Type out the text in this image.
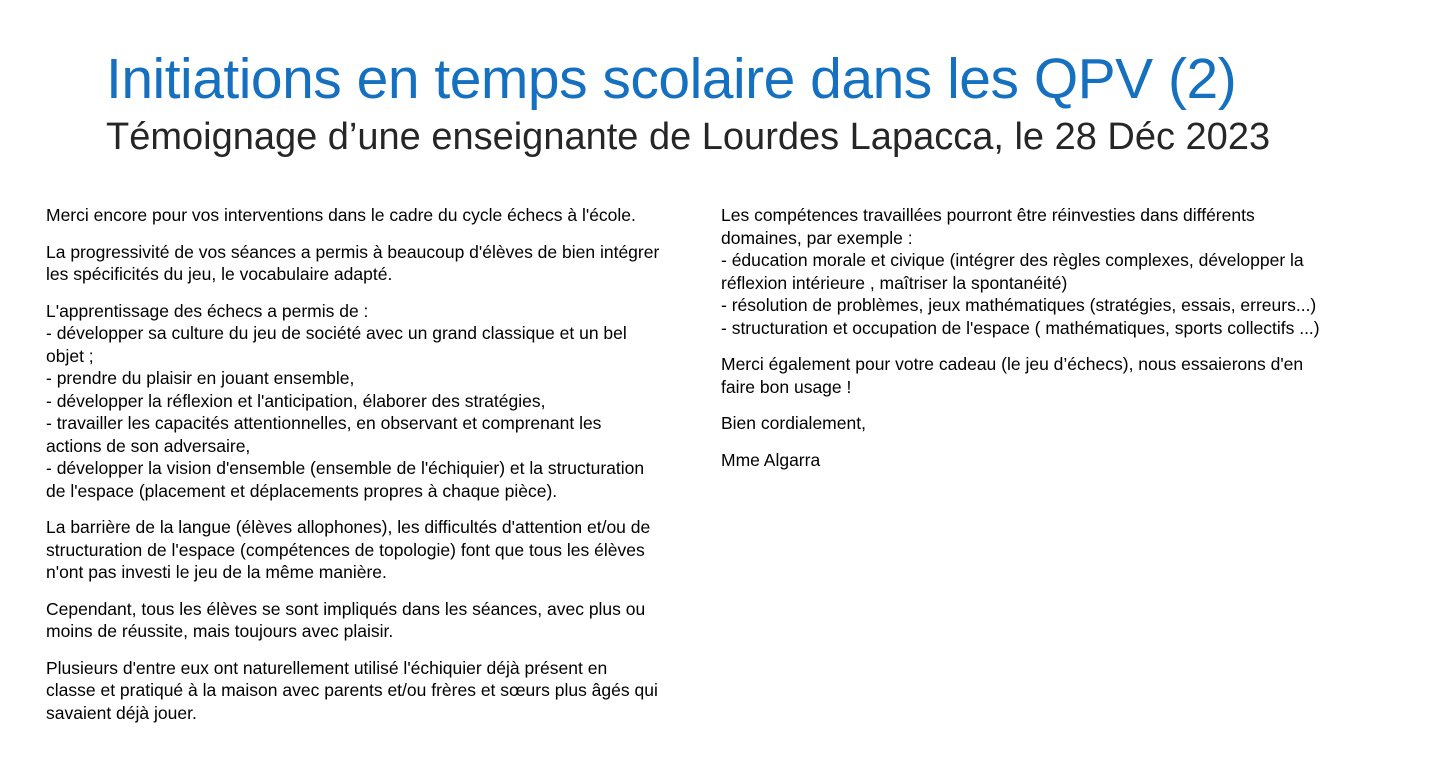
Initiations en temps scolaire dans les QPV (2)
Témoignage d’une enseignante de Lourdes Lapacca, le 28 Déc 2023

Merci encore pour vos interventions dans le cadre du cycle échecs à l'école.

La progressivité de vos séances a permis à beaucoup d'élèves de bien intégrer
les spécificités du jeu, le vocabulaire adapté.

L'apprentissage des échecs a permis de :
- développer sa culture du jeu de société avec un grand classique et un bel
objet ;
- prendre du plaisir en jouant ensemble,
- développer la réflexion et l'anticipation, élaborer des stratégies,
- travailler les capacités attentionnelles, en observant et comprenant les
actions de son adversaire,
- développer la vision d'ensemble (ensemble de l'échiquier) et la structuration
de l'espace (placement et déplacements propres à chaque pièce).

La barrière de la langue (élèves allophones), les difficultés d'attention et/ou de
structuration de l'espace (compétences de topologie) font que tous les élèves
n'ont pas investi le jeu de la même manière.

Cependant, tous les élèves se sont impliqués dans les séances, avec plus ou
moins de réussite, mais toujours avec plaisir.

Plusieurs d'entre eux ont naturellement utilisé l'échiquier déjà présent en
classe et pratiqué à la maison avec parents et/ou frères et sœurs plus âgés qui
savaient déjà jouer.

Les compétences travaillées pourront être réinvesties dans différents
domaines, par exemple :
- éducation morale et civique (intégrer des règles complexes, développer la
réflexion intérieure , maîtriser la spontanéité)
- résolution de problèmes, jeux mathématiques (stratégies, essais, erreurs...)
- structuration et occupation de l'espace ( mathématiques, sports collectifs ...)

Merci également pour votre cadeau (le jeu d’échecs), nous essaierons d'en
faire bon usage !

Bien cordialement,

Mme Algarra
